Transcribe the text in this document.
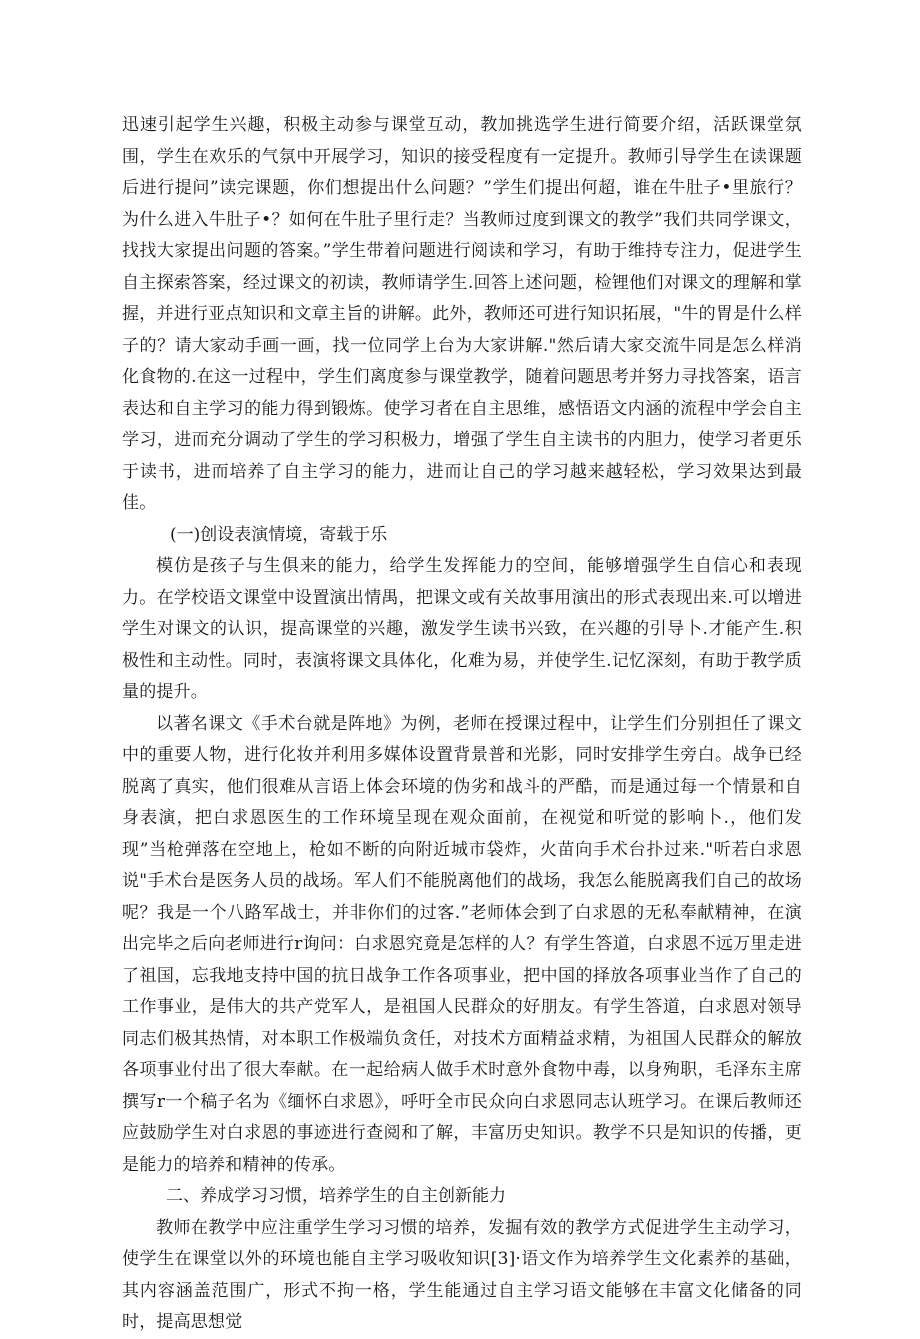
迅速引起学生兴趣，积极主动参与课堂互动，教加挑选学生进行简要介绍，活跃课堂氛围，学生在欢乐的气氛中开展学习，知识的接受程度有一定提升。教师引导学生在读课题后进行提问”读完课题，你们想提出什么问题？”学生们提出何超，谁在牛肚子•里旅行？为什么进入牛肚子•？如何在牛肚子里行走？当教师过度到课文的教学”我们共同学课文，找找大家提出问题的答案。”学生带着问题进行阅读和学习，有助于维持专注力，促进学生自主探索答案，经过课文的初读，教师请学生.回答上述问题，检锂他们对课文的理解和掌握，并进行亚点知识和文章主旨的讲解。此外，教师还可进行知识拓展，"牛的胃是什么样子的？请大家动手画一画，找一位同学上台为大家讲解."然后请大家交流牛同是怎么样消化食物的.在这一过程中，学生们离度参与课堂教学，随着问题思考并努力寻找答案，语言表达和自主学习的能力得到锻炼。使学习者在自主思维，感悟语文内涵的流程中学会自主学习，进而充分调动了学生的学习积极力，增强了学生自主读书的内胆力，使学习者更乐于读书，进而培养了自主学习的能力，进而让自己的学习越来越轻松，学习效果达到最佳。

(一)创设表演情境，寄载于乐

模仿是孩子与生俱来的能力，给学生发挥能力的空间，能够增强学生自信心和表现力。在学校语文课堂中设置演出情禺，把课文或有关故事用演出的形式表现出来.可以增进学生对课文的认识，提高课堂的兴趣，激发学生读书兴致，在兴趣的引导卜.才能产生.积极性和主动性。同时，表演将课文具体化，化难为易，并使学生.记忆深刻，有助于教学质量的提升。

以著名课文《手术台就是阵地》为例，老师在授课过程中，让学生们分别担任了课文中的重要人物，进行化妆并利用多媒体设置背景普和光影，同时安排学生旁白。战争已经脱离了真实，他们很难从言语上体会环境的伪劣和战斗的严酷，而是通过每一个情景和自身表演，把白求恩医生的工作环境呈现在观众面前，在视觉和听觉的影响卜.，他们发现”当枪弹落在空地上，枪如不断的向附近城市袋炸，火苗向手术台扑过来."听若白求恩说"手术台是医务人员的战场。军人们不能脱离他们的战场，我怎么能脱离我们自己的故场呢？我是一个八路军战士，并非你们的过客.”老师体会到了白求恩的无私奉献精神，在演出完毕之后向老师进行r询问：白求恩究竟是怎样的人？有学生答道，白求恩不远万里走进了祖国，忘我地支持中国的抗日战争工作各项事业，把中国的择放各项事业当作了自己的工作事业，是伟大的共产党军人，是祖国人民群众的好朋友。有学生答道，白求恩对领导同志们极其热情，对本职工作极端负贪任，对技术方面精益求精，为祖国人民群众的解放各项事业付出了很大奉献。在一起给病人做手术时意外食物中毒，以身殉职，毛泽东主席撰写r一个稿子名为《缅怀白求恩》，呼吁全市民众向白求恩同志认班学习。在课后教师还应鼓励学生对白求恩的事迹进行查阅和了解，丰富历史知识。教学不只是知识的传播，更是能力的培养和精神的传承。

二、养成学习习惯，培养学生的自主创新能力

教师在教学中应注重学生学习习惯的培养，发掘有效的教学方式促进学生主动学习，使学生在课堂以外的环境也能自主学习吸收知识[3]·语文作为培养学生文化素养的基础，其内容涵盖范围广，形式不拘一格，学生能通过自主学习语文能够在丰富文化储备的同时，提高思想觉
